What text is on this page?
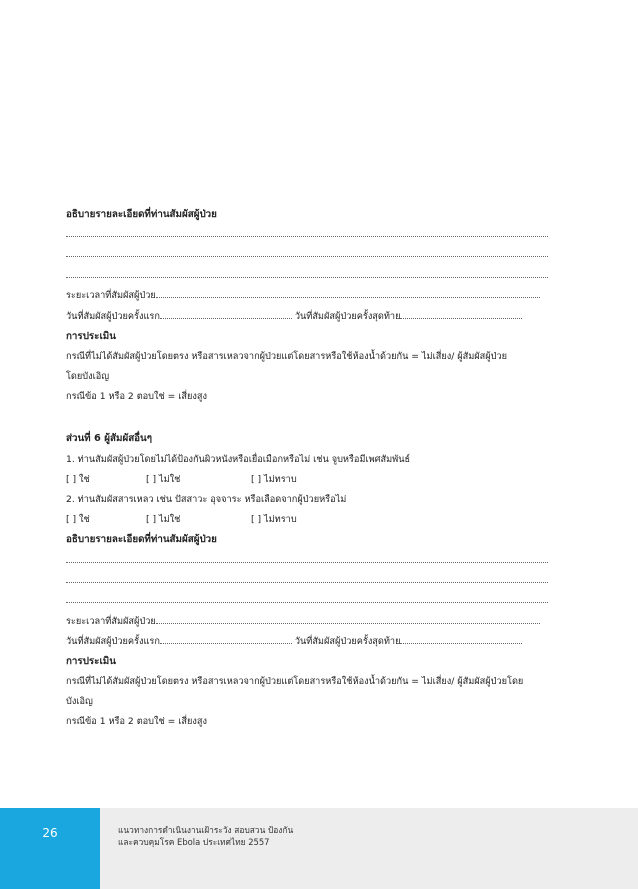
อธิบายรายละเอียดที่ท่านสัมผัสผู้ป่วย
ระยะเวลาที่สัมผัสผู้ป่วย
วันที่สัมผัสผู้ป่วยครั้งแรก	วันที่สัมผัสผู้ป่วยครั้งสุดท้าย
การประเมิน
กรณีที่ไม่ได้สัมผัสผู้ป่วยโดยตรง หรือสารเหลวจากผู้ป่วยแต่โดยสารหรือใช้ห้องน้ำด้วยกัน = ไม่เสี่ยง/ ผู้สัมผัสผู้ป่วย
โดยบังเอิญ
กรณีข้อ 1 หรือ 2 ตอบใช่ = เสี่ยงสูง
ส่วนที่ 6 ผู้สัมผัสอื่นๆ
1. ท่านสัมผัสผู้ป่วยโดยไม่ได้ป้องกันผิวหนังหรือเยื่อเมือกหรือไม่ เช่น จูบหรือมีเพศสัมพันธ์
[ ] ใช่	[ ] ไม่ใช่	[ ] ไม่ทราบ
2. ท่านสัมผัสสารเหลว เช่น ปัสสาวะ อุจจาระ หรือเลือดจากผู้ป่วยหรือไม่
[ ] ใช่	[ ] ไม่ใช่	[ ] ไม่ทราบ
อธิบายรายละเอียดที่ท่านสัมผัสผู้ป่วย
ระยะเวลาที่สัมผัสผู้ป่วย
วันที่สัมผัสผู้ป่วยครั้งแรก	วันที่สัมผัสผู้ป่วยครั้งสุดท้าย
การประเมิน
กรณีที่ไม่ได้สัมผัสผู้ป่วยโดยตรง หรือสารเหลวจากผู้ป่วยแต่โดยสารหรือใช้ห้องน้ำด้วยกัน = ไม่เสี่ยง/ ผู้สัมผัสผู้ป่วยโดย
บังเอิญ
กรณีข้อ 1 หรือ 2 ตอบใช่ = เสี่ยงสูง
26	แนวทางการดำเนินงานเฝ้าระวัง สอบสวน ป้องกัน
และควบคุมโรค Ebola ประเทศไทย 2557
